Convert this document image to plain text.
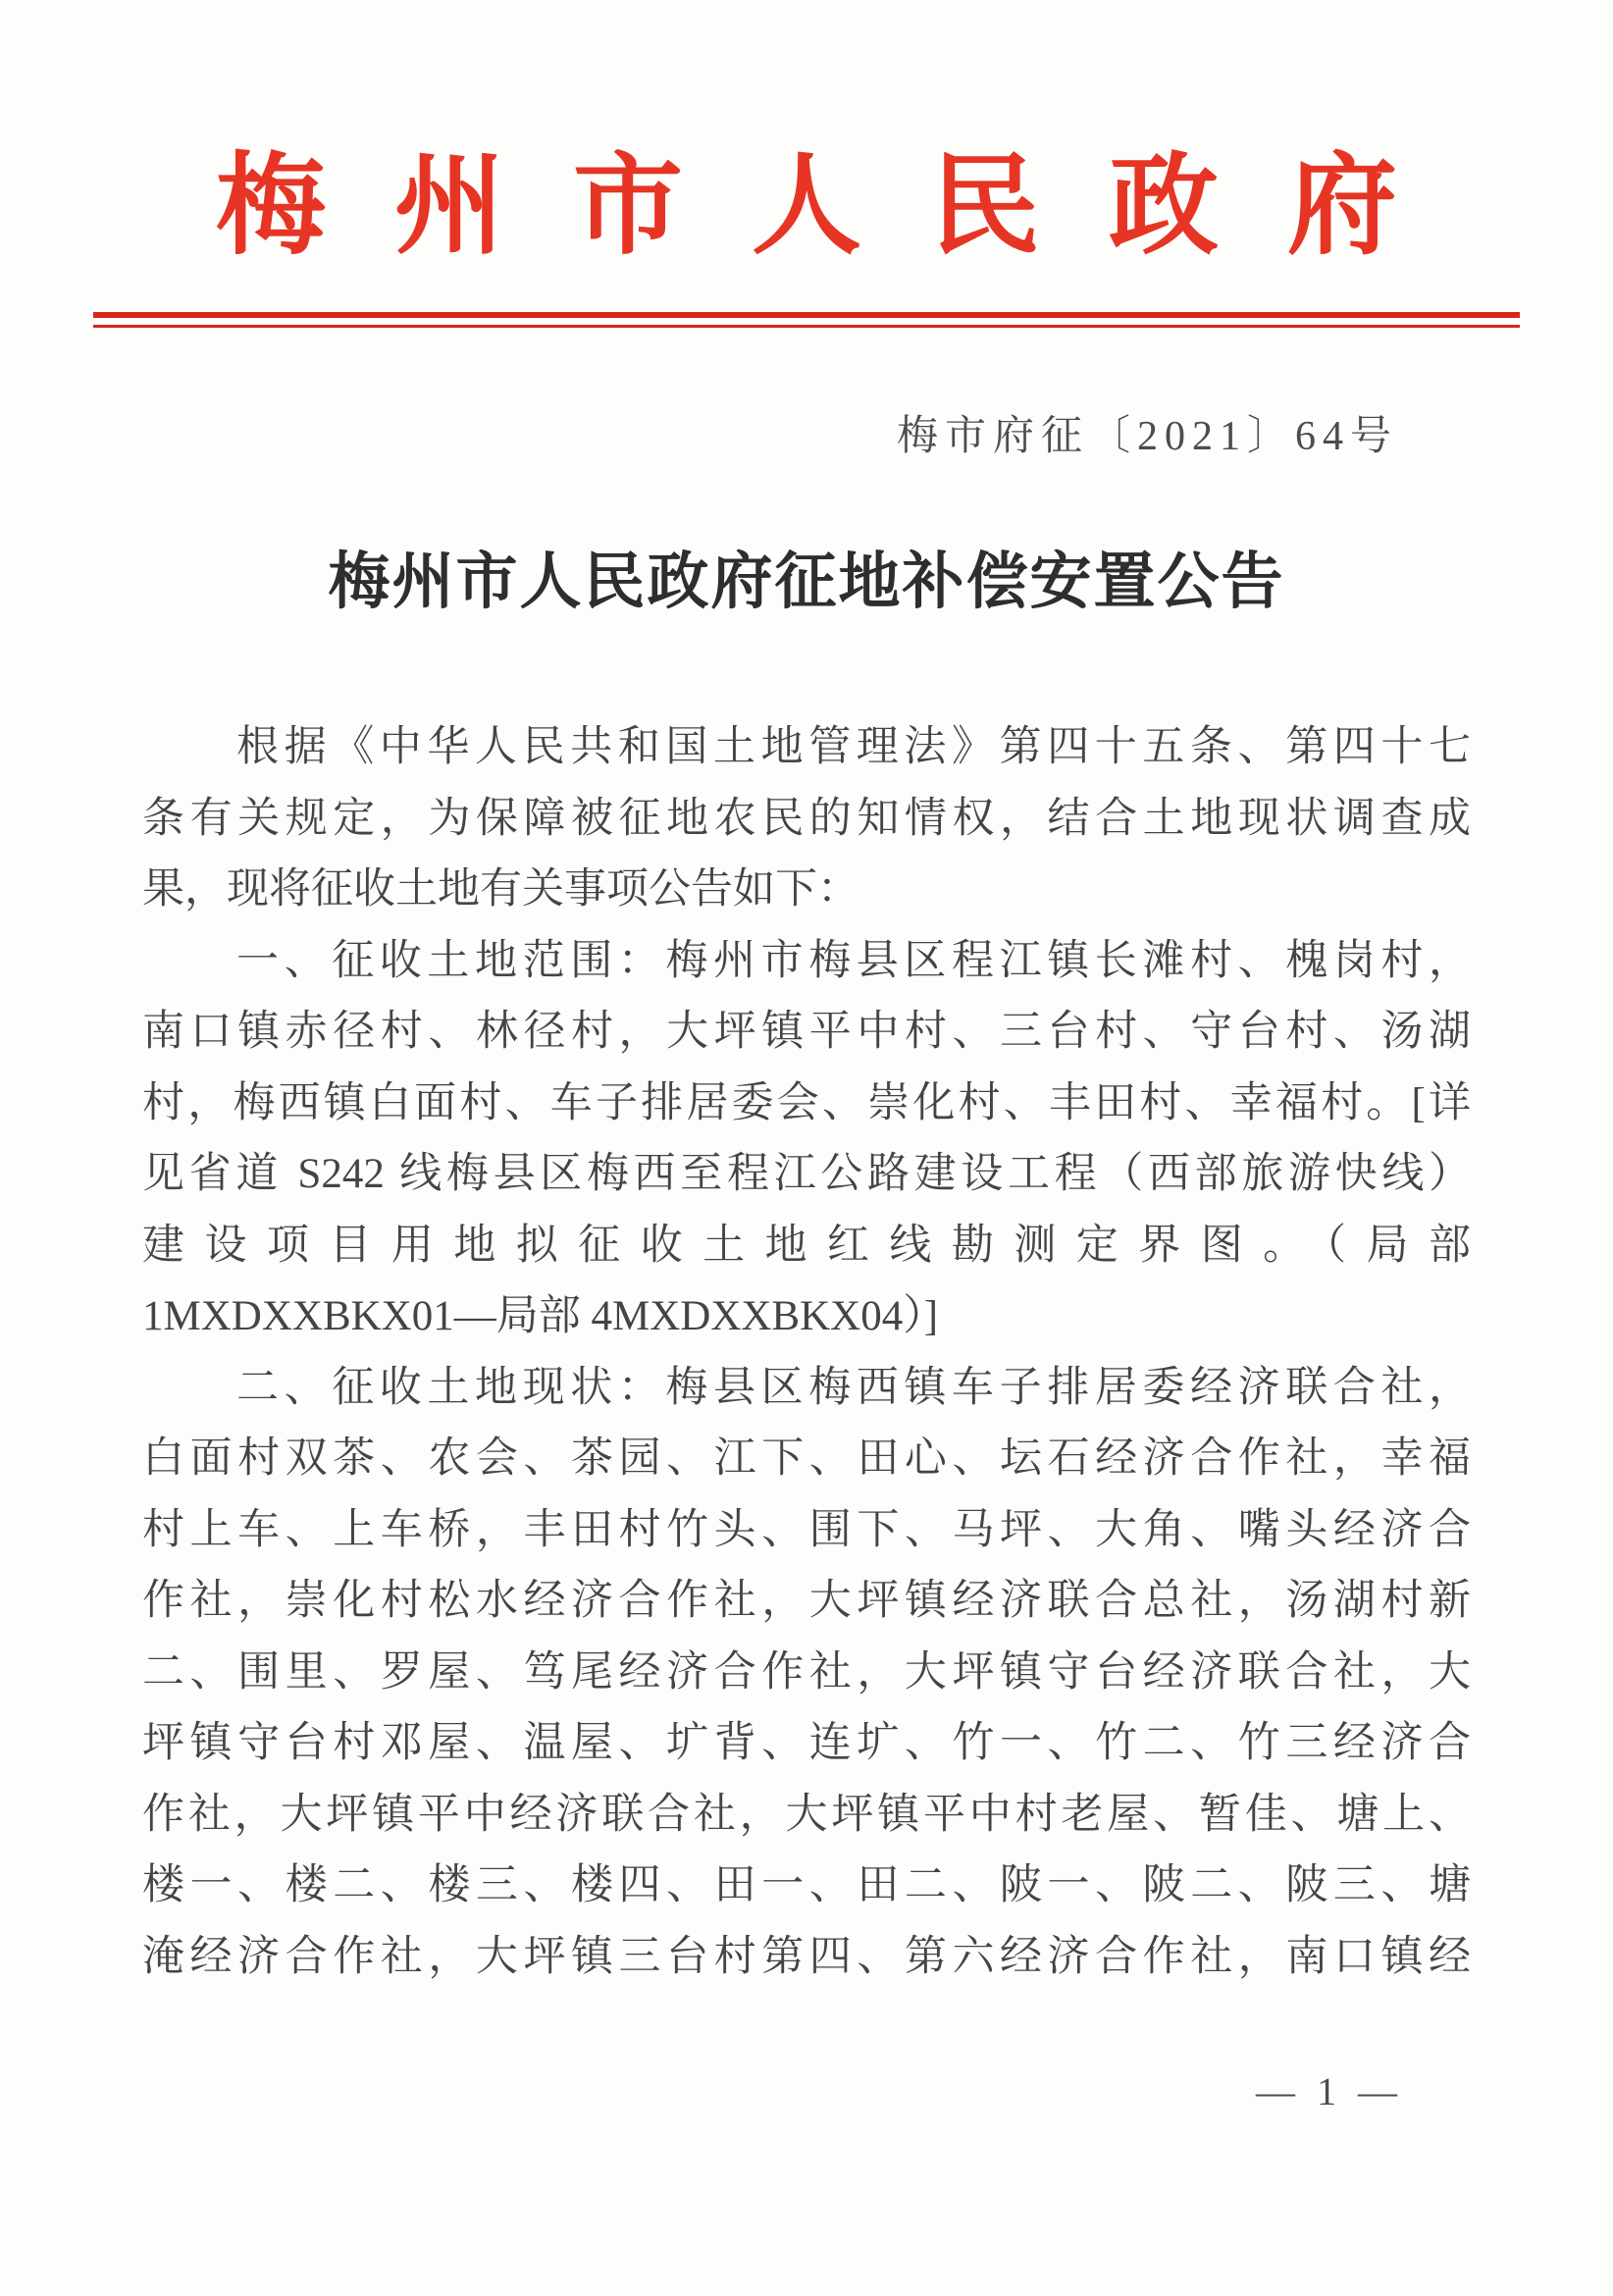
梅州市人民政府
梅市府征〔2021〕64号
梅州市人民政府征地补偿安置公告
根据《中华人民共和国土地管理法》第四十五条、第四十七
条有关规定，为保障被征地农民的知情权，结合土地现状调查成
果，现将征收土地有关事项公告如下：
一、征收土地范围：梅州市梅县区程江镇长滩村、槐岗村，
南口镇赤径村、林径村，大坪镇平中村、三台村、守台村、汤湖
村，梅西镇白面村、车子排居委会、崇化村、丰田村、幸福村。[详
见省道 S242 线梅县区梅西至程江公路建设工程（西部旅游快线）
建设项目用地拟征收土地红线勘测定界图。（局部
1MXDXXBKX01—局部 4MXDXXBKX04）]
二、征收土地现状：梅县区梅西镇车子排居委经济联合社，
白面村双茶、农会、茶园、江下、田心、坛石经济合作社，幸福
村上车、上车桥，丰田村竹头、围下、马坪、大角、嘴头经济合
作社，崇化村松水经济合作社，大坪镇经济联合总社，汤湖村新
二、围里、罗屋、笃尾经济合作社，大坪镇守台经济联合社，大
坪镇守台村邓屋、温屋、圹背、连圹、竹一、竹二、竹三经济合
作社，大坪镇平中经济联合社，大坪镇平中村老屋、暂佳、塘上、
楼一、楼二、楼三、楼四、田一、田二、陂一、陂二、陂三、塘
淹经济合作社，大坪镇三台村第四、第六经济合作社，南口镇经
— 1 —
